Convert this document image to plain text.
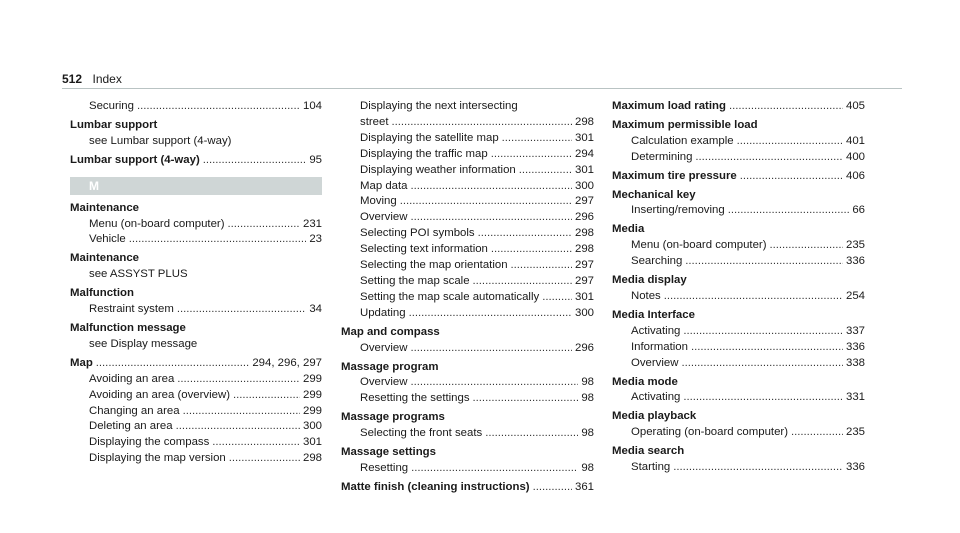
512 Index
Securing . . .	104
Lumbar support
see Lumbar support (4-way)
Lumbar support (4-way) . . .	95
M
Maintenance
Menu (on-board computer) . . .	231
Vehicle . . .	23
Maintenance
see ASSYST PLUS
Malfunction
Restraint system . . .	34
Malfunction message
see Display message
Map . . .	294, 296, 297
Avoiding an area . . .	299
Avoiding an area (overview) . . .	299
Changing an area . . .	299
Deleting an area . . .	300
Displaying the compass . . .	301
Displaying the map version . . .	298
Displaying the next intersecting
street . . .	298
Displaying the satellite map . . .	301
Displaying the traffic map . . .	294
Displaying weather information . . .	301
Map data . . .	300
Moving . . .	297
Overview . . .	296
Selecting POI symbols . . .	298
Selecting text information . . .	298
Selecting the map orientation . . .	297
Setting the map scale . . .	297
Setting the map scale automatically . . .	301
Updating . . .	300
Map and compass
Overview . . .	296
Massage program
Overview . . .	98
Resetting the settings . . .	98
Massage programs
Selecting the front seats . . .	98
Massage settings
Resetting . . .	98
Matte finish (cleaning instructions) . . .	361
Maximum load rating . . .	405
Maximum permissible load
Calculation example . . .	401
Determining . . .	400
Maximum tire pressure . . .	406
Mechanical key
Inserting/removing . . .	66
Media
Menu (on-board computer) . . .	235
Searching . . .	336
Media display
Notes . . .	254
Media Interface
Activating . . .	337
Information . . .	336
Overview . . .	338
Media mode
Activating . . .	331
Media playback
Operating (on-board computer) . . .	235
Media search
Starting . . .	336
